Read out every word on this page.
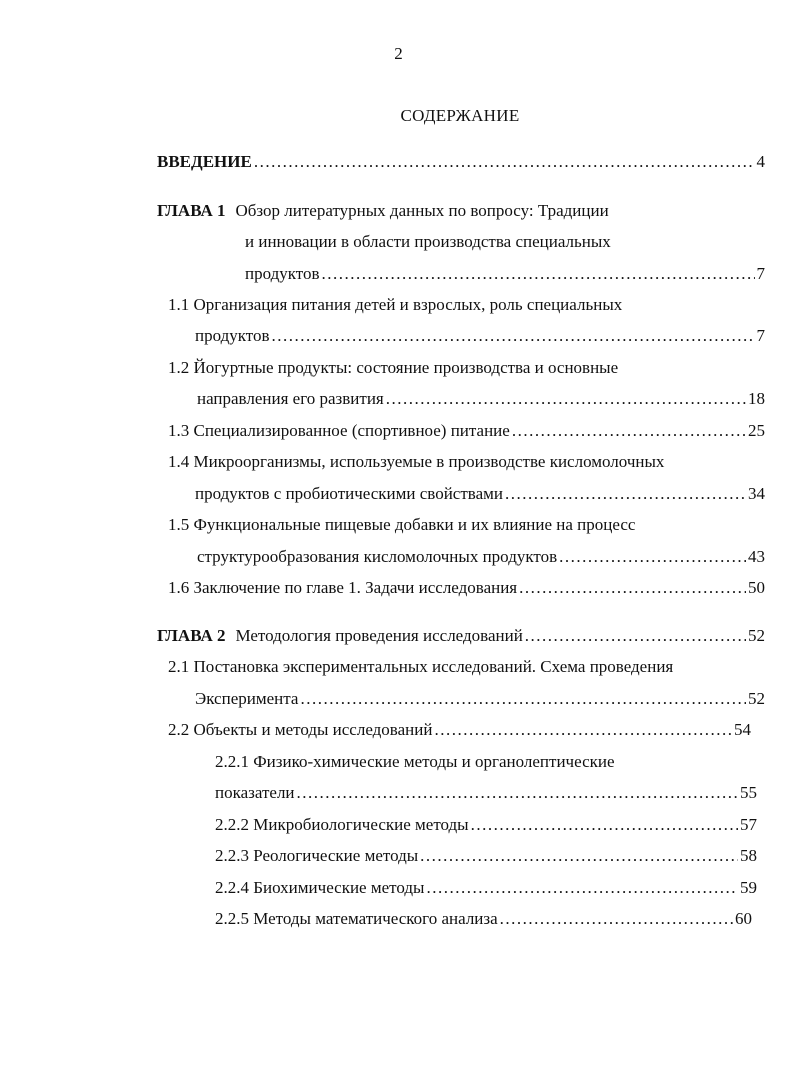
2
СОДЕРЖАНИЕ
ВВЕДЕНИЕ .....	4
ГЛАВА 1 Обзор литературных данных по вопросу: Традиции
и инновации в области производства специальных
продуктов .....	7
1.1 Организация питания детей и взрослых, роль специальных
продуктов .....	7
1.2 Йогуртные продукты: состояние производства и основные
направления его развития .....	18
1.3 Специализированное (спортивное) питание .....	25
1.4 Микроорганизмы, используемые в производстве кисломолочных
продуктов с пробиотическими свойствами .....	34
1.5 Функциональные пищевые добавки и их влияние на процесс
структурообразования кисломолочных продуктов .....	43
1.6 Заключение по главе 1. Задачи исследования .....	50
ГЛАВА 2 Методология проведения исследований .....	52
2.1 Постановка экспериментальных исследований. Схема проведения
Эксперимента .....	52
2.2 Объекты и методы исследований .....	54
2.2.1 Физико-химические методы и органолептические
показатели .....	55
2.2.2 Микробиологические методы .....	57
2.2.3 Реологические методы .....	58
2.2.4 Биохимические методы .....	59
2.2.5 Методы математического анализа .....	60
